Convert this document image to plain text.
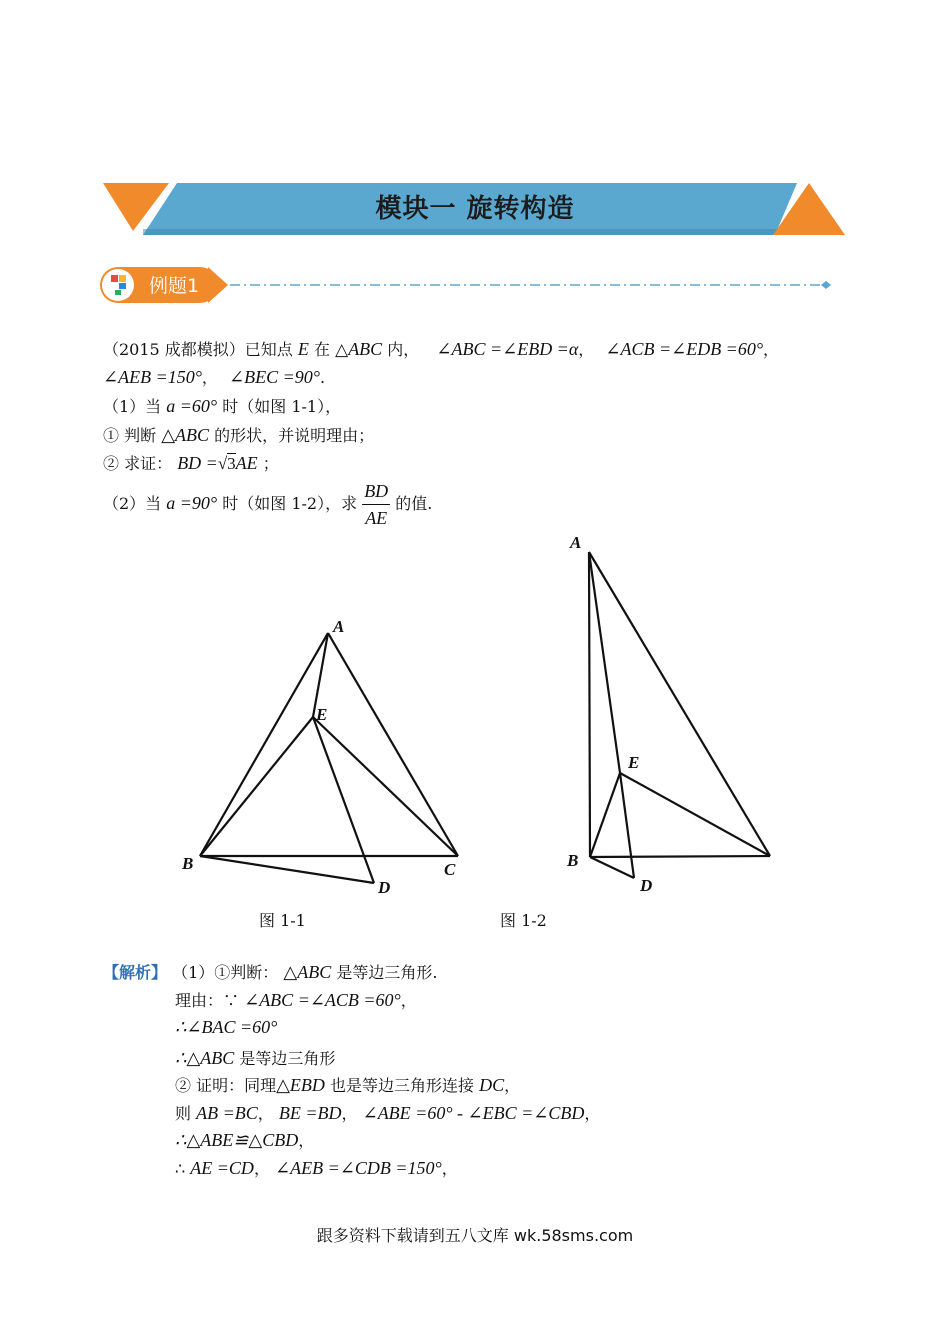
模块一 旋转构造
例题1
（2015 成都模拟）已知点 E 在 △ABC 内， ∠ABC =∠EBD =α， ∠ACB =∠EDB =60°，
∠AEB =150°， ∠BEC =90°.
（1）当 a =60° 时（如图 1-1），
① 判断 △ABC 的形状，并说明理由；
② 求证： BD =√3AE ；
（2）当 a =90° 时（如图 1-2），求 $\frac{BD}{AE}$ 的值.
A
E
B	C
D
A
E
B
D
图 1-1	图 1-2
【解析】 （1）①判断： △ABC 是等边三角形.
理由：∵ ∠ABC =∠ACB =60°，
∴∠BAC =60°
∴△ABC 是等边三角形
② 证明：同理△EBD 也是等边三角形连接 DC，
则 AB =BC， BE =BD， ∠ABE =60° - ∠EBC =∠CBD，
∴△ABE≌△CBD，
∴ AE =CD， ∠AEB =∠CDB =150°，
跟多资料下载请到五八文库 wk.58sms.com
